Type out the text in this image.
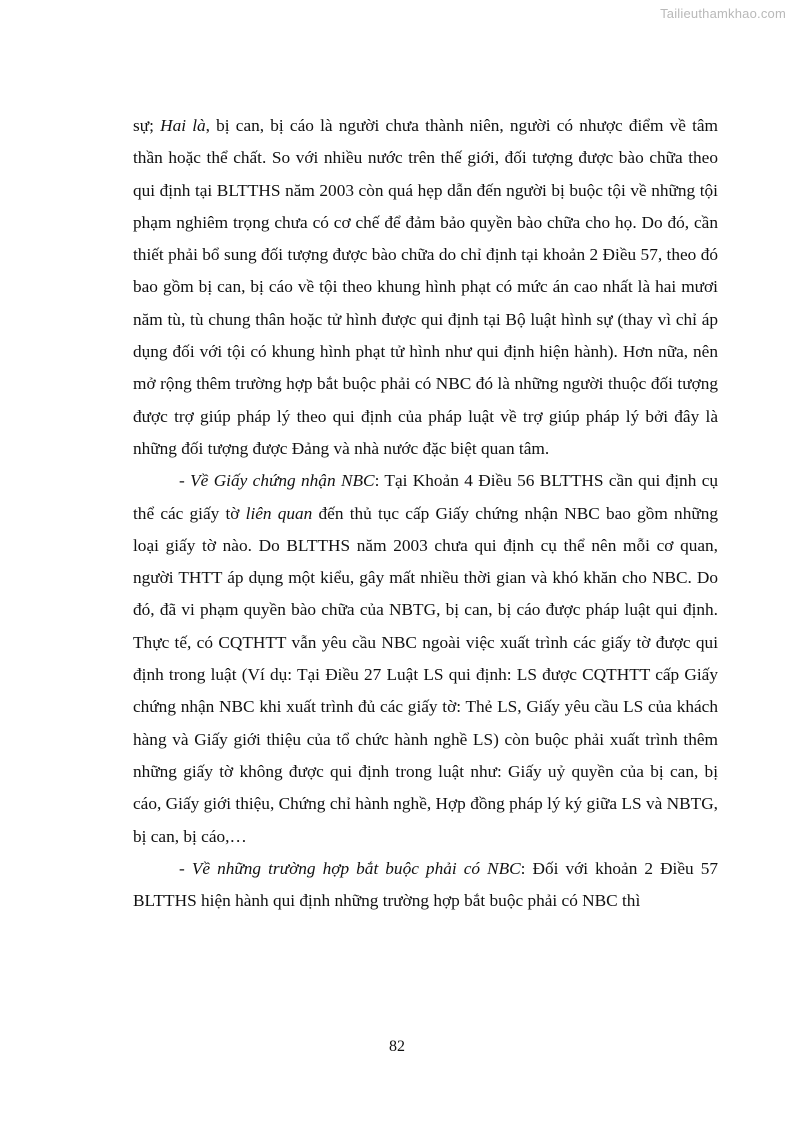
Tailieuthamkhao.com

sự; Hai là, bị can, bị cáo là người chưa thành niên, người có nhược điểm về tâm thần hoặc thể chất. So với nhiều nước trên thế giới, đối tượng được bào chữa theo qui định tại BLTTHS năm 2003 còn quá hẹp dẫn đến người bị buộc tội về những tội phạm nghiêm trọng chưa có cơ chế để đảm bảo quyền bào chữa cho họ. Do đó, cần thiết phải bổ sung đối tượng được bào chữa do chỉ định tại khoản 2 Điều 57, theo đó bao gồm bị can, bị cáo về tội theo khung hình phạt có mức án cao nhất là hai mươi năm tù, tù chung thân hoặc tử hình được qui định tại Bộ luật hình sự (thay vì chỉ áp dụng đối với tội có khung hình phạt tử hình như qui định hiện hành). Hơn nữa, nên mở rộng thêm trường hợp bắt buộc phải có NBC đó là những người thuộc đối tượng được trợ giúp pháp lý theo qui định của pháp luật về trợ giúp pháp lý bởi đây là những đối tượng được Đảng và nhà nước đặc biệt quan tâm.

- Về Giấy chứng nhận NBC: Tại Khoản 4 Điều 56 BLTTHS cần qui định cụ thể các giấy tờ liên quan đến thủ tục cấp Giấy chứng nhận NBC bao gồm những loại giấy tờ nào. Do BLTTHS năm 2003 chưa qui định cụ thể nên mỗi cơ quan, người THTT áp dụng một kiểu, gây mất nhiều thời gian và khó khăn cho NBC. Do đó, đã vi phạm quyền bào chữa của NBTG, bị can, bị cáo được pháp luật qui định. Thực tế, có CQTHTT vẫn yêu cầu NBC ngoài việc xuất trình các giấy tờ được qui định trong luật (Ví dụ: Tại Điều 27 Luật LS qui định: LS được CQTHTT cấp Giấy chứng nhận NBC khi xuất trình đủ các giấy tờ: Thẻ LS, Giấy yêu cầu LS của khách hàng và Giấy giới thiệu của tổ chức hành nghề LS) còn buộc phải xuất trình thêm những giấy tờ không được qui định trong luật như: Giấy uỷ quyền của bị can, bị cáo, Giấy giới thiệu, Chứng chỉ hành nghề, Hợp đồng pháp lý ký giữa LS và NBTG, bị can, bị cáo,…

- Về những trường hợp bắt buộc phải có NBC: Đối với khoản 2 Điều 57 BLTTHS hiện hành qui định những trường hợp bắt buộc phải có NBC thì

82
